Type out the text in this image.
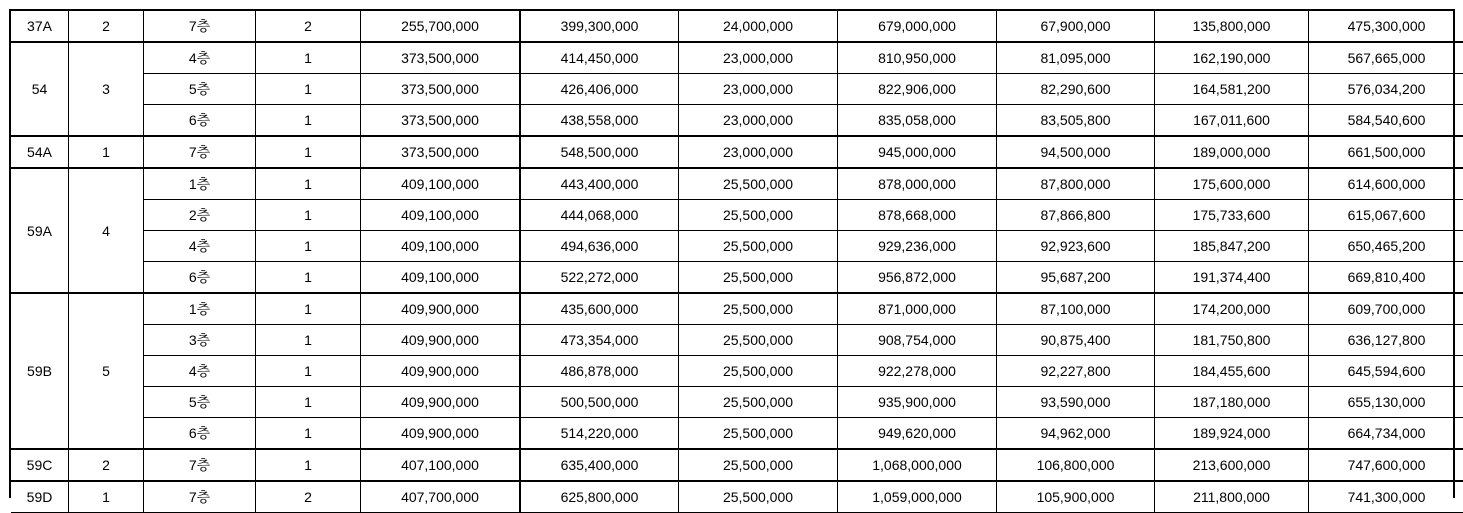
37A	2	7층	2	255,700,000	399,300,000	24,000,000	679,000,000	67,900,000	135,800,000	475,300,000
54	3	4층	1	373,500,000	414,450,000	23,000,000	810,950,000	81,095,000	162,190,000	567,665,000
		5층	1	373,500,000	426,406,000	23,000,000	822,906,000	82,290,600	164,581,200	576,034,200
		6층	1	373,500,000	438,558,000	23,000,000	835,058,000	83,505,800	167,011,600	584,540,600
54A	1	7층	1	373,500,000	548,500,000	23,000,000	945,000,000	94,500,000	189,000,000	661,500,000
59A	4	1층	1	409,100,000	443,400,000	25,500,000	878,000,000	87,800,000	175,600,000	614,600,000
		2층	1	409,100,000	444,068,000	25,500,000	878,668,000	87,866,800	175,733,600	615,067,600
		4층	1	409,100,000	494,636,000	25,500,000	929,236,000	92,923,600	185,847,200	650,465,200
		6층	1	409,100,000	522,272,000	25,500,000	956,872,000	95,687,200	191,374,400	669,810,400
59B	5	1층	1	409,900,000	435,600,000	25,500,000	871,000,000	87,100,000	174,200,000	609,700,000
		3층	1	409,900,000	473,354,000	25,500,000	908,754,000	90,875,400	181,750,800	636,127,800
		4층	1	409,900,000	486,878,000	25,500,000	922,278,000	92,227,800	184,455,600	645,594,600
		5층	1	409,900,000	500,500,000	25,500,000	935,900,000	93,590,000	187,180,000	655,130,000
		6층	1	409,900,000	514,220,000	25,500,000	949,620,000	94,962,000	189,924,000	664,734,000
59C	2	7층	1	407,100,000	635,400,000	25,500,000	1,068,000,000	106,800,000	213,600,000	747,600,000
59D	1	7층	2	407,700,000	625,800,000	25,500,000	1,059,000,000	105,900,000	211,800,000	741,300,000
